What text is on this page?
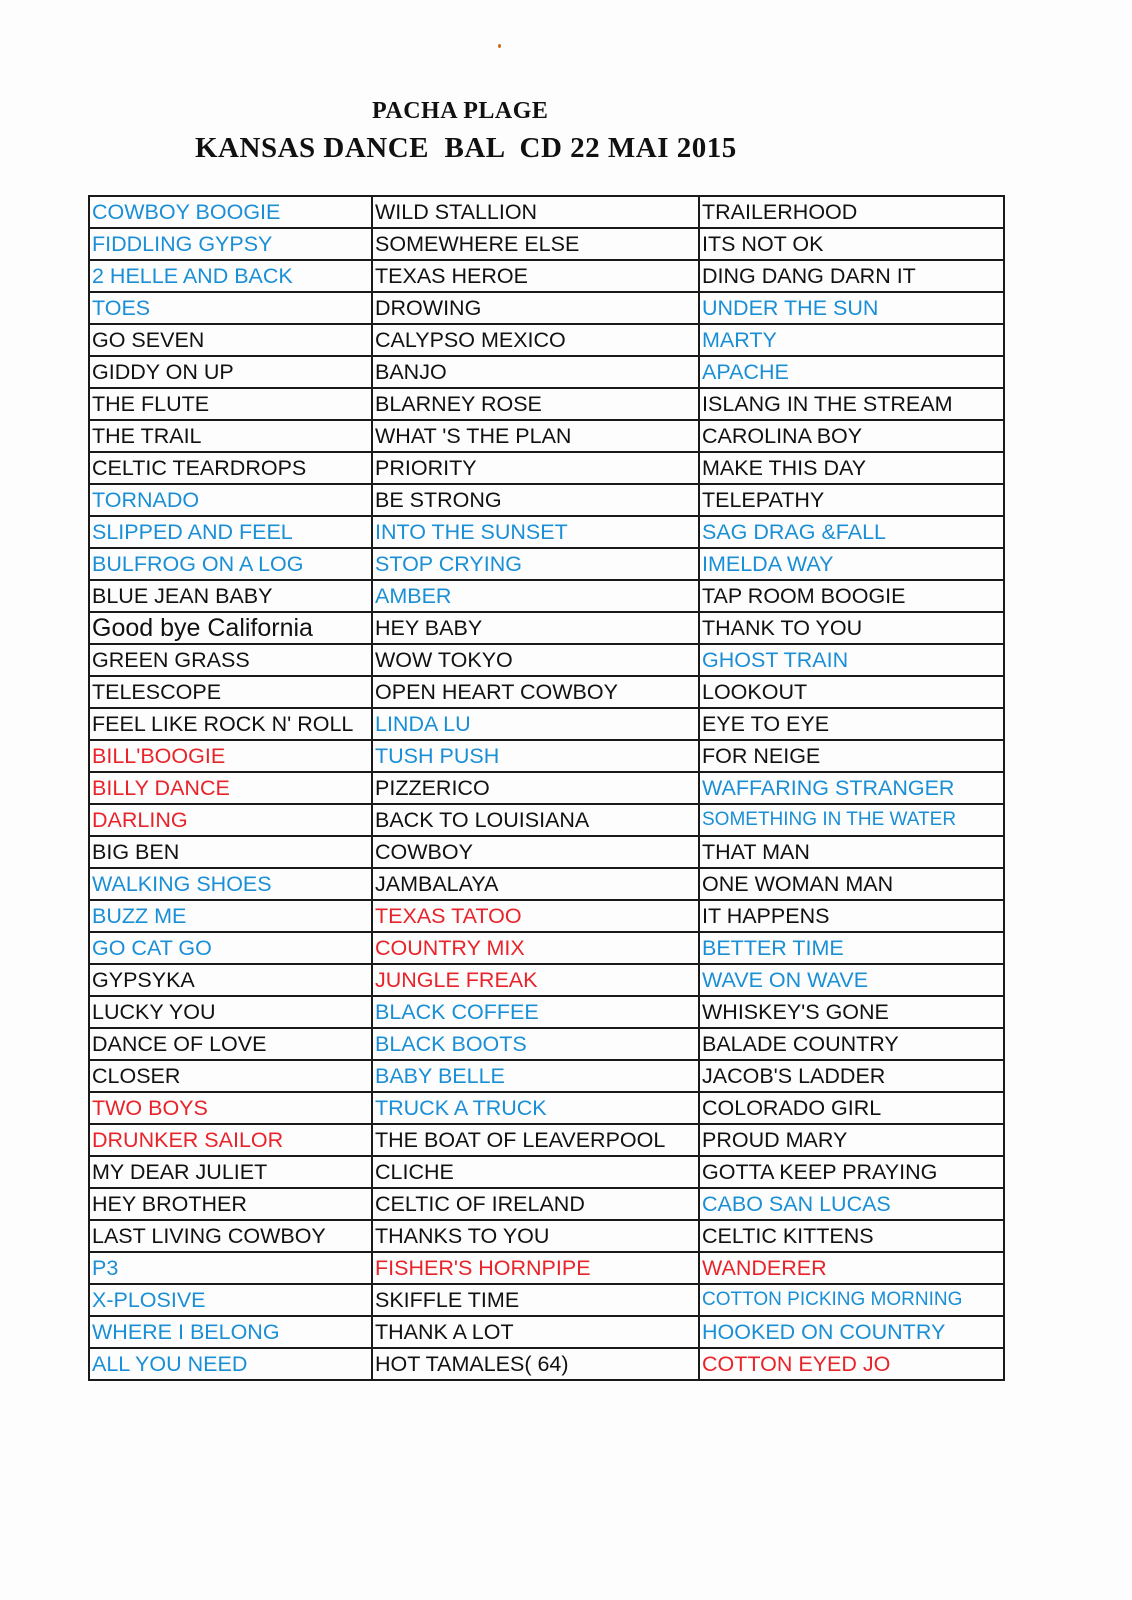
PACHA PLAGE
KANSAS DANCE  BAL  CD 22 MAI 2015
COWBOY BOOGIE	WILD STALLION	TRAILERHOOD
FIDDLING GYPSY	SOMEWHERE ELSE	ITS NOT OK
2 HELLE AND BACK	TEXAS HEROE	DING DANG DARN IT
TOES	DROWING	UNDER THE SUN
GO SEVEN	CALYPSO MEXICO	MARTY
GIDDY ON UP	BANJO	APACHE
THE FLUTE	BLARNEY ROSE	ISLANG IN THE STREAM
THE TRAIL	WHAT 'S THE PLAN	CAROLINA BOY
CELTIC TEARDROPS	PRIORITY	MAKE THIS DAY
TORNADO	BE STRONG	TELEPATHY
SLIPPED AND FEEL	INTO THE SUNSET	SAG DRAG &FALL
BULFROG ON A LOG	STOP CRYING	IMELDA WAY
BLUE JEAN BABY	AMBER	TAP ROOM BOOGIE
Good bye California	HEY BABY	THANK TO YOU
GREEN GRASS	WOW TOKYO	GHOST TRAIN
TELESCOPE	OPEN HEART COWBOY	LOOKOUT
FEEL LIKE ROCK N' ROLL	LINDA LU	EYE TO EYE
BILL'BOOGIE	TUSH PUSH	FOR NEIGE
BILLY DANCE	PIZZERICO	WAFFARING STRANGER
DARLING	BACK TO LOUISIANA	SOMETHING IN THE WATER
BIG BEN	COWBOY	THAT MAN
WALKING SHOES	JAMBALAYA	ONE WOMAN MAN
BUZZ ME	TEXAS TATOO	IT HAPPENS
GO CAT GO	COUNTRY MIX	BETTER TIME
GYPSYKA	JUNGLE FREAK	WAVE ON WAVE
LUCKY YOU	BLACK COFFEE	WHISKEY'S GONE
DANCE OF LOVE	BLACK BOOTS	BALADE COUNTRY
CLOSER	BABY BELLE	JACOB'S LADDER
TWO BOYS	TRUCK A TRUCK	COLORADO GIRL
DRUNKER SAILOR	THE BOAT OF LEAVERPOOL	PROUD MARY
MY DEAR JULIET	CLICHE	GOTTA KEEP PRAYING
HEY BROTHER	CELTIC OF IRELAND	CABO SAN LUCAS
LAST LIVING COWBOY	THANKS TO YOU	CELTIC KITTENS
P3	FISHER'S HORNPIPE	WANDERER
X-PLOSIVE	SKIFFLE TIME	COTTON PICKING MORNING
WHERE I BELONG	THANK A LOT	HOOKED ON COUNTRY
ALL YOU NEED	HOT TAMALES( 64)	COTTON EYED JO
